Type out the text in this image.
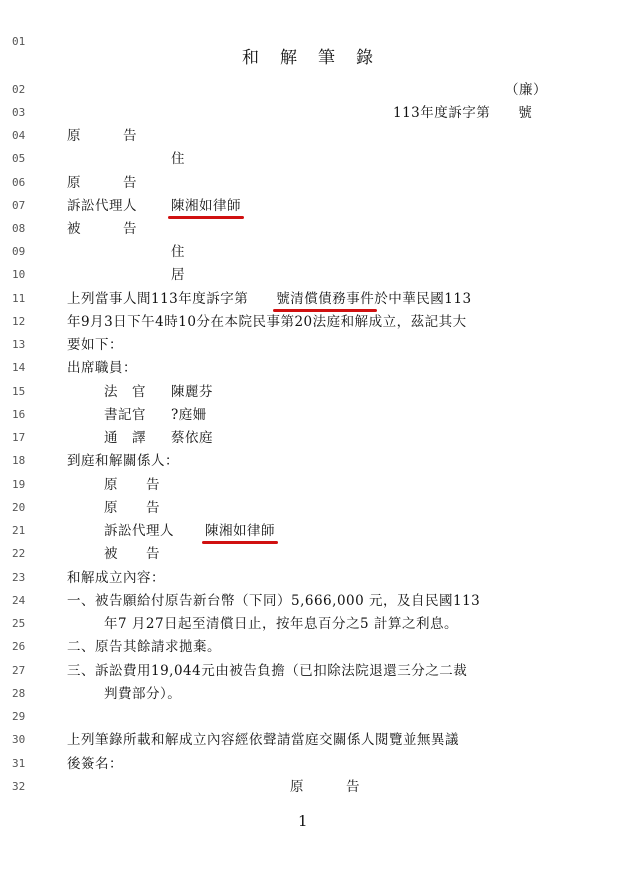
01
02
03
04
05
06
07
08
09
10
11
12
13
14
15
16
17
18
19
20
21
22
23
24
25
26
27
28
29
30
31
32
和　解　筆　錄
（廉）
113年度訴字第　　號
原　　　告
住
原　　　告
訴訟代理人	陳湘如律師
被　　　告
住
居
上列當事人間113年度訴字第　　號清償債務事件於中華民國113
年9月3日下午4時10分在本院民事第20法庭和解成立，茲記其大
要如下：
出席職員：
法　官 陳麗芬
書記官 ?庭姍
通　譯 蔡依庭
到庭和解關係人：
原　　告
原　　告
訴訟代理人 陳湘如律師
被　　告
和解成立內容：
一、被告願給付原告新台幣（下同）5,666,000 元，及自民國113
年7 月27日起至清償日止，按年息百分之5 計算之利息。
二、原告其餘請求拋棄。
三、訴訟費用19,044元由被告負擔（已扣除法院退還三分之二裁
判費部分）。
上列筆錄所載和解成立內容經依聲請當庭交關係人閱覽並無異議
後簽名：
原　　　告
1
